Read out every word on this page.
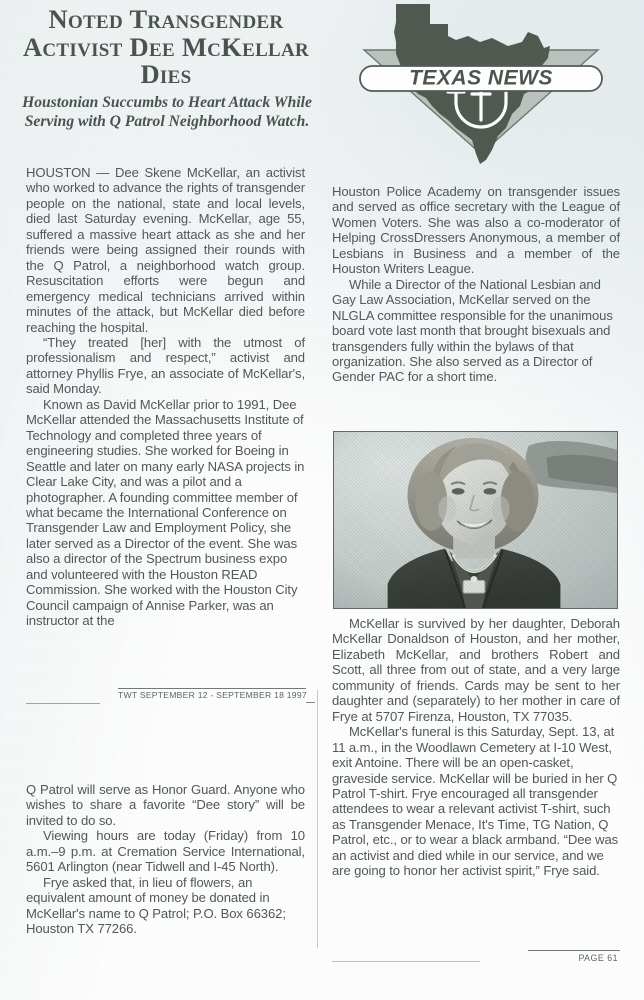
Noted Transgender Activist Dee McKellar Dies
Houstonian Succumbs to Heart Attack While Serving with Q Patrol Neighborhood Watch.
TEXAS NEWS

HOUSTON — Dee Skene McKellar, an activist who worked to advance the rights of transgender people on the national, state and local levels, died last Saturday evening. McKellar, age 55, suffered a massive heart attack as she and her friends were being assigned their rounds with the Q Patrol, a neighborhood watch group. Resuscitation efforts were begun and emergency medical technicians arrived within minutes of the attack, but McKellar died before reaching the hospital.

“They treated [her] with the utmost of professionalism and respect,” activist and attorney Phyllis Frye, an associate of McKellar's, said Monday.

Known as David McKellar prior to 1991, Dee McKellar attended the Massachusetts Institute of Technology and completed three years of engineering studies. She worked for Boeing in Seattle and later on many early NASA projects in Clear Lake City, and was a pilot and a photographer. A founding committee member of what became the International Conference on Transgender Law and Employment Policy, she later served as a Director of the event. She was also a director of the Spectrum business expo and volunteered with the Houston READ Commission. She worked with the Houston City Council campaign of Annise Parker, was an instructor at the

TWT SEPTEMBER 12 - SEPTEMBER 18 1997

Q Patrol will serve as Honor Guard. Anyone who wishes to share a favorite “Dee story” will be invited to do so.

Viewing hours are today (Friday) from 10 a.m.–9 p.m. at Cremation Service International, 5601 Arlington (near Tidwell and I-45 North).

Frye asked that, in lieu of flowers, an equivalent amount of money be donated in McKellar's name to Q Patrol; P.O. Box 66362; Houston TX 77266.

Houston Police Academy on transgender issues and served as office secretary with the League of Women Voters. She was also a co-moderator of Helping CrossDressers Anonymous, a member of Lesbians in Business and a member of the Houston Writers League.

While a Director of the National Lesbian and Gay Law Association, McKellar served on the NLGLA committee responsible for the unanimous board vote last month that brought bisexuals and transgenders fully within the bylaws of that organization. She also served as a Director of Gender PAC for a short time.

McKellar is survived by her daughter, Deborah McKellar Donaldson of Houston, and her mother, Elizabeth McKellar, and brothers Robert and Scott, all three from out of state, and a very large community of friends. Cards may be sent to her daughter and (separately) to her mother in care of Frye at 5707 Firenza, Houston, TX 77035.

McKellar's funeral is this Saturday, Sept. 13, at 11 a.m., in the Woodlawn Cemetery at I-10 West, exit Antoine. There will be an open-casket, graveside service. McKellar will be buried in her Q Patrol T-shirt. Frye encouraged all transgender attendees to wear a relevant activist T-shirt, such as Transgender Menace, It's Time, TG Nation, Q Patrol, etc., or to wear a black armband. “Dee was an activist and died while in our service, and we are going to honor her activist spirit,” Frye said.

PAGE 61
